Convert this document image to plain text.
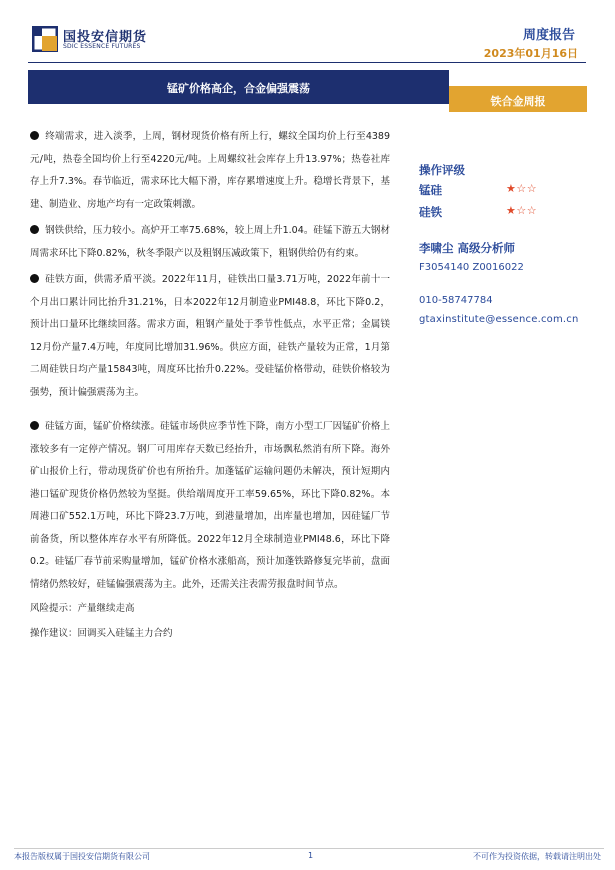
国投安信期货
SDIC ESSENCE FUTURES
周度报告
2023年01月16日
锰矿价格高企，合金偏强震荡
铁合金周报

终端需求，进入淡季，上周，钢材现货价格有所上行，螺纹全国均价上行至4389元/吨，热卷全国均价上行至4220元/吨。上周螺纹社会库存上升13.97%；热卷社库存上升7.3%。春节临近，需求环比大幅下滑，库存累增速度上升。稳增长背景下，基建、制造业、房地产均有一定政策刺激。

钢铁供给，压力较小。高炉开工率75.68%，较上周上升1.04。硅锰下游五大钢材周需求环比下降0.82%，秋冬季限产以及粗钢压减政策下，粗钢供给仍有约束。

硅铁方面，供需矛盾平淡。2022年11月，硅铁出口量3.71万吨，2022年前十一个月出口累计同比抬升31.21%，日本2022年12月制造业PMI48.8，环比下降0.2，预计出口量环比继续回落。需求方面，粗钢产量处于季节性低点，水平正常；金属镁12月份产量7.4万吨，年度同比增加31.96%。供应方面，硅铁产量较为正常，1月第二周硅铁日均产量15843吨，周度环比抬升0.22%。受硅锰价格带动，硅铁价格较为强势，预计偏强震荡为主。

硅锰方面，锰矿价格续涨。硅锰市场供应季节性下降，南方小型工厂因锰矿价格上涨较多有一定停产情况。钢厂可用库存天数已经抬升，市场飘私然消有所下降。海外矿山报价上行，带动现货矿价也有所抬升。加蓬锰矿运输问题仍未解决，预计短期内港口锰矿现货价格仍然较为坚挺。供给端周度开工率59.65%，环比下降0.82%。本周港口矿552.1万吨，环比下降23.7万吨，到港量增加，出库量也增加，因硅锰厂节前备货，所以整体库存水平有所降低。2022年12月全球制造业PMI48.6，环比下降0.2。硅锰厂春节前采购量增加，锰矿价格水涨船高，预计加蓬铁路修复完毕前，盘面情绪仍然较好，硅锰偏强震荡为主。此外，还需关注表需劳报盘时间节点。

风险提示：产量继续走高
操作建议：回调买入硅锰主力合约
操作评级
锰硅	★☆☆
硅铁	★☆☆
李啸尘 高级分析师
F3054140 Z0016022
010-58747784
gtaxinstitute@essence.com.cn
本报告版权属于国投安信期货有限公司	1	不可作为投资依据，转载请注明出处
